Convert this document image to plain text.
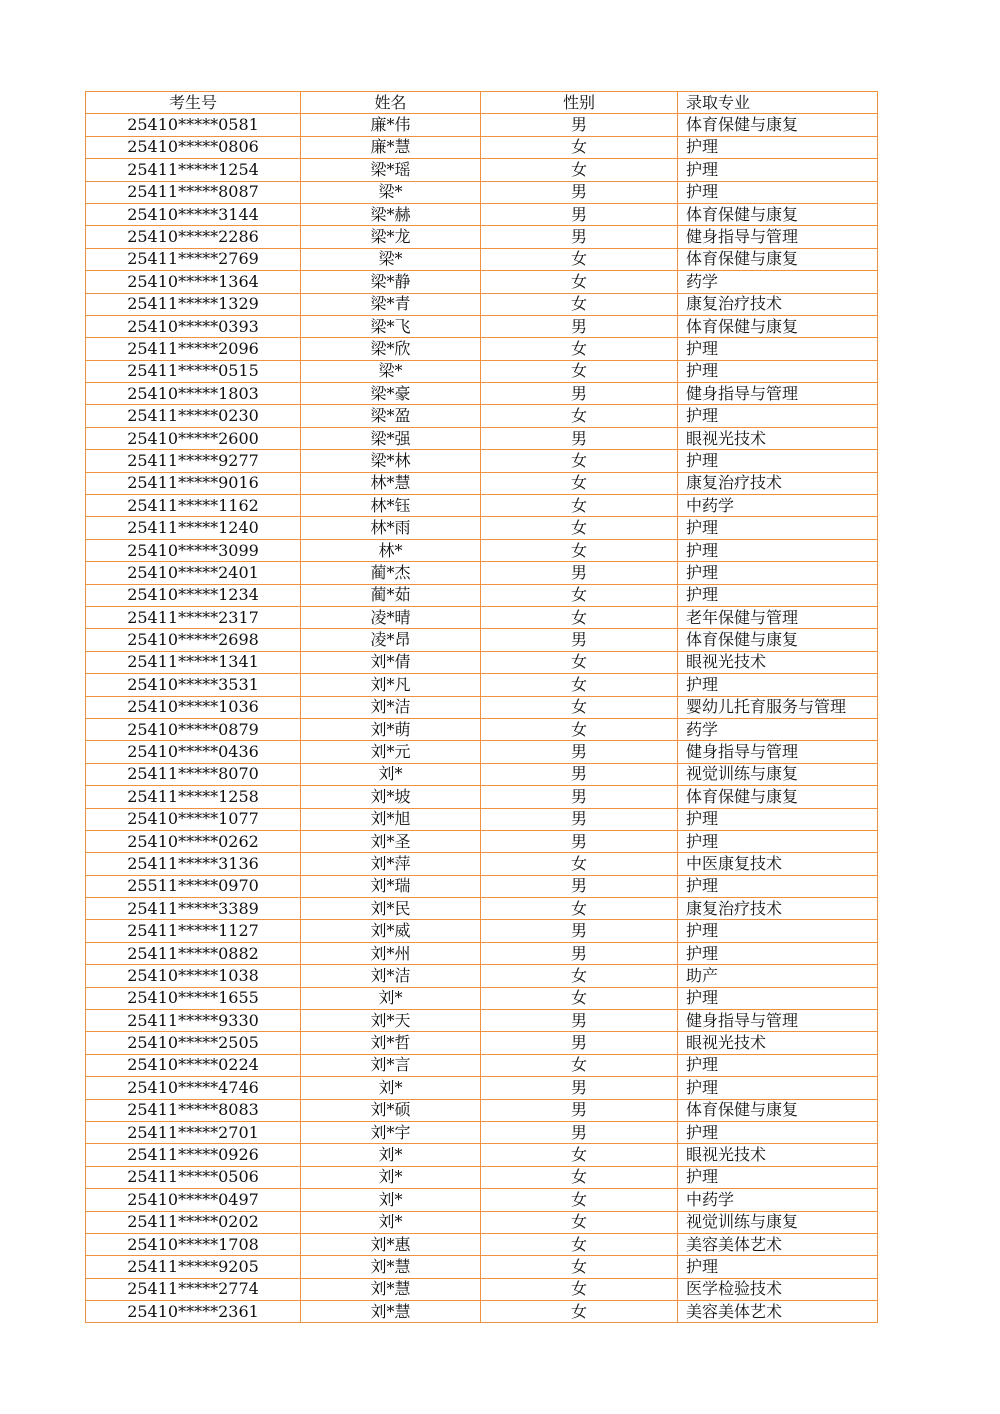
考生号	姓名	性别	录取专业
25410*****0581	廉*伟	男	体育保健与康复
25410*****0806	廉*慧	女	护理
25411*****1254	梁*瑶	女	护理
25411*****8087	梁*	男	护理
25410*****3144	梁*赫	男	体育保健与康复
25410*****2286	梁*龙	男	健身指导与管理
25411*****2769	梁*	女	体育保健与康复
25410*****1364	梁*静	女	药学
25411*****1329	梁*青	女	康复治疗技术
25410*****0393	梁*飞	男	体育保健与康复
25411*****2096	梁*欣	女	护理
25411*****0515	梁*	女	护理
25410*****1803	梁*豪	男	健身指导与管理
25411*****0230	梁*盈	女	护理
25410*****2600	梁*强	男	眼视光技术
25411*****9277	梁*林	女	护理
25411*****9016	林*慧	女	康复治疗技术
25411*****1162	林*钰	女	中药学
25411*****1240	林*雨	女	护理
25410*****3099	林*	女	护理
25410*****2401	蔺*杰	男	护理
25410*****1234	蔺*茹	女	护理
25411*****2317	凌*晴	女	老年保健与管理
25410*****2698	凌*昂	男	体育保健与康复
25411*****1341	刘*倩	女	眼视光技术
25410*****3531	刘*凡	女	护理
25410*****1036	刘*洁	女	婴幼儿托育服务与管理
25410*****0879	刘*萌	女	药学
25410*****0436	刘*元	男	健身指导与管理
25411*****8070	刘*	男	视觉训练与康复
25411*****1258	刘*坡	男	体育保健与康复
25410*****1077	刘*旭	男	护理
25410*****0262	刘*圣	男	护理
25411*****3136	刘*萍	女	中医康复技术
25511*****0970	刘*瑞	男	护理
25411*****3389	刘*民	女	康复治疗技术
25411*****1127	刘*威	男	护理
25411*****0882	刘*州	男	护理
25410*****1038	刘*洁	女	助产
25410*****1655	刘*	女	护理
25411*****9330	刘*天	男	健身指导与管理
25410*****2505	刘*哲	男	眼视光技术
25410*****0224	刘*言	女	护理
25410*****4746	刘*	男	护理
25411*****8083	刘*硕	男	体育保健与康复
25411*****2701	刘*宇	男	护理
25411*****0926	刘*	女	眼视光技术
25411*****0506	刘*	女	护理
25410*****0497	刘*	女	中药学
25411*****0202	刘*	女	视觉训练与康复
25410*****1708	刘*惠	女	美容美体艺术
25411*****9205	刘*慧	女	护理
25411*****2774	刘*慧	女	医学检验技术
25410*****2361	刘*慧	女	美容美体艺术
